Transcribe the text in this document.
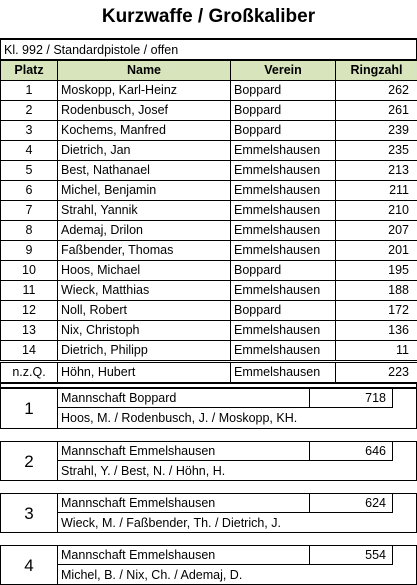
Kurzwaffe / Großkaliber
Kl. 992 / Standardpistole / offen
Platz	Name	Verein	Ringzahl
1	Moskopp, Karl-Heinz	Boppard	262
2	Rodenbusch, Josef	Boppard	261
3	Kochems, Manfred	Boppard	239
4	Dietrich, Jan	Emmelshausen	235
5	Best, Nathanael	Emmelshausen	213
6	Michel, Benjamin	Emmelshausen	211
7	Strahl, Yannik	Emmelshausen	210
8	Ademaj, Drilon	Emmelshausen	207
9	Faßbender, Thomas	Emmelshausen	201
10	Hoos, Michael	Boppard	195
11	Wieck, Matthias	Emmelshausen	188
12	Noll, Robert	Boppard	172
13	Nix, Christoph	Emmelshausen	136
14	Dietrich, Philipp	Emmelshausen	11
n.z.Q.	Höhn, Hubert	Emmelshausen	223
1
Mannschaft Boppard	718
Hoos, M. / Rodenbusch, J. / Moskopp, KH.
2
Mannschaft Emmelshausen	646
Strahl, Y. / Best, N. / Höhn, H.
3
Mannschaft Emmelshausen	624
Wieck, M. / Faßbender, Th. / Dietrich, J.
4
Mannschaft Emmelshausen	554
Michel, B. / Nix, Ch. / Ademaj, D.
